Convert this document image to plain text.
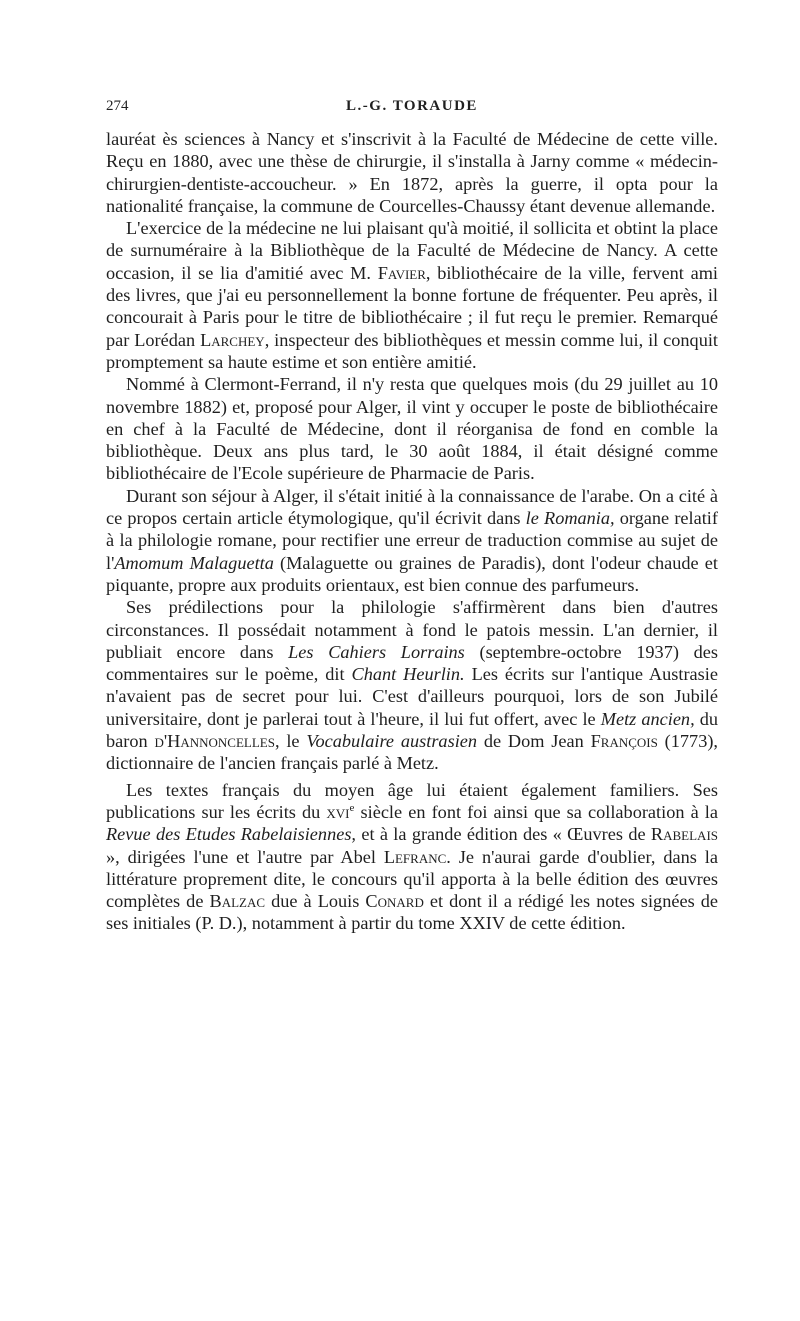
274	L.-G. TORAUDE

lauréat ès sciences à Nancy et s'inscrivit à la Faculté de Médecine de cette ville. Reçu en 1880, avec une thèse de chirurgie, il s'installa à Jarny comme « médecin-chirurgien-dentiste-accoucheur. » En 1872, après la guerre, il opta pour la nationalité française, la commune de Courcelles-Chaussy étant devenue allemande.

L'exercice de la médecine ne lui plaisant qu'à moitié, il sollicita et obtint la place de surnuméraire à la Bibliothèque de la Faculté de Médecine de Nancy. A cette occasion, il se lia d'amitié avec M. Favier, bibliothécaire de la ville, fervent ami des livres, que j'ai eu personnellement la bonne fortune de fréquenter. Peu après, il concourait à Paris pour le titre de bibliothécaire ; il fut reçu le premier. Remarqué par Lorédan Larchey, inspecteur des bibliothèques et messin comme lui, il conquit promptement sa haute estime et son entière amitié.

Nommé à Clermont-Ferrand, il n'y resta que quelques mois (du 29 juillet au 10 novembre 1882) et, proposé pour Alger, il vint y occuper le poste de bibliothécaire en chef à la Faculté de Médecine, dont il réorganisa de fond en comble la bibliothèque. Deux ans plus tard, le 30 août 1884, il était désigné comme bibliothécaire de l'Ecole supérieure de Pharmacie de Paris.

Durant son séjour à Alger, il s'était initié à la connaissance de l'arabe. On a cité à ce propos certain article étymologique, qu'il écrivit dans le Romania, organe relatif à la philologie romane, pour rectifier une erreur de traduction commise au sujet de l'Amomum Malaguetta (Malaguette ou graines de Paradis), dont l'odeur chaude et piquante, propre aux produits orientaux, est bien connue des parfumeurs.

Ses prédilections pour la philologie s'affirmèrent dans bien d'autres circonstances. Il possédait notamment à fond le patois messin. L'an dernier, il publiait encore dans Les Cahiers Lorrains (septembre-octobre 1937) des commentaires sur le poème, dit Chant Heurlin. Les écrits sur l'antique Austrasie n'avaient pas de secret pour lui. C'est d'ailleurs pourquoi, lors de son Jubilé universitaire, dont je parlerai tout à l'heure, il lui fut offert, avec le Metz ancien, du baron d'Hannoncelles, le Vocabulaire austrasien de Dom Jean François (1773), dictionnaire de l'ancien français parlé à Metz.

Les textes français du moyen âge lui étaient également familiers. Ses publications sur les écrits du xvi$^e$ siècle en font foi ainsi que sa collaboration à la Revue des Etudes Rabelaisiennes, et à la grande édition des « Œuvres de Rabelais », dirigées l'une et l'autre par Abel Lefranc. Je n'aurai garde d'oublier, dans la littérature proprement dite, le concours qu'il apporta à la belle édition des œuvres complètes de Balzac due à Louis Conard et dont il a rédigé les notes signées de ses initiales (P. D.), notamment à partir du tome XXIV de cette édition.
